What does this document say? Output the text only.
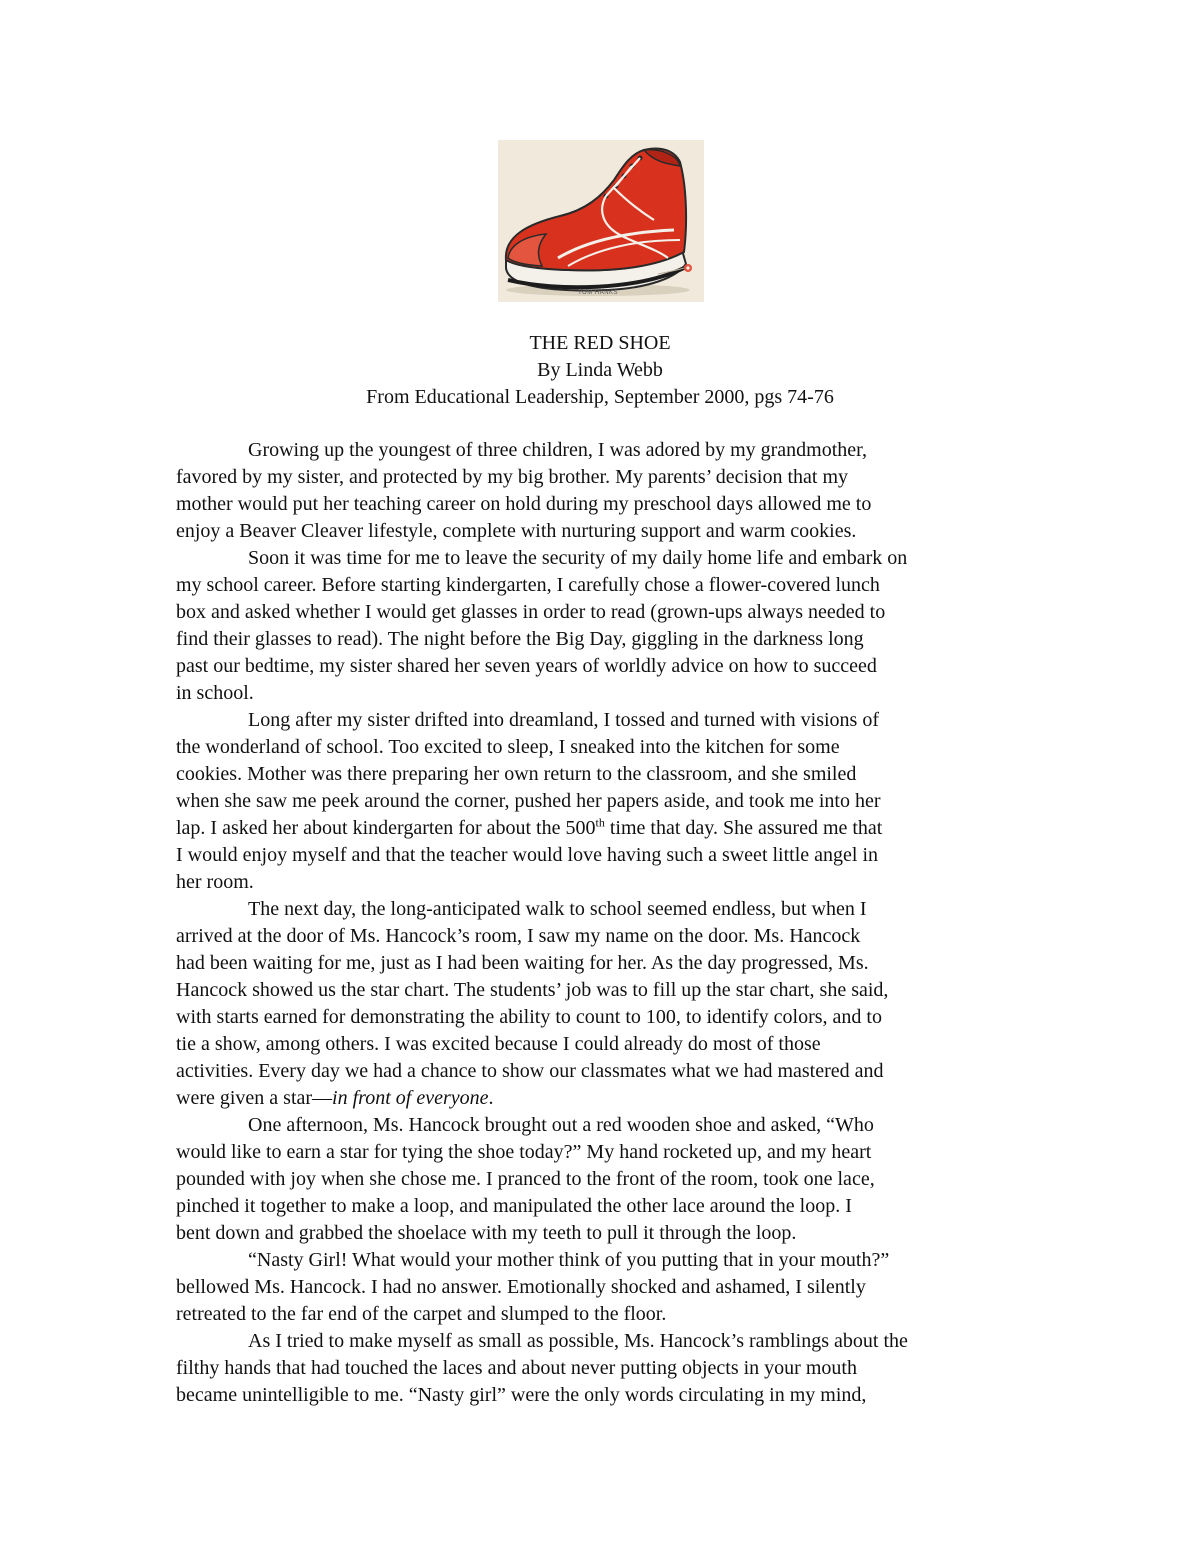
TOM HANKS
THE RED SHOE
By Linda Webb
From Educational Leadership, September 2000, pgs 74-76
Growing up the youngest of three children, I was adored by my grandmother,
favored by my sister, and protected by my big brother. My parents’ decision that my
mother would put her teaching career on hold during my preschool days allowed me to
enjoy a Beaver Cleaver lifestyle, complete with nurturing support and warm cookies.
Soon it was time for me to leave the security of my daily home life and embark on
my school career. Before starting kindergarten, I carefully chose a flower-covered lunch
box and asked whether I would get glasses in order to read (grown-ups always needed to
find their glasses to read). The night before the Big Day, giggling in the darkness long
past our bedtime, my sister shared her seven years of worldly advice on how to succeed
in school.
Long after my sister drifted into dreamland, I tossed and turned with visions of
the wonderland of school. Too excited to sleep, I sneaked into the kitchen for some
cookies. Mother was there preparing her own return to the classroom, and she smiled
when she saw me peek around the corner, pushed her papers aside, and took me into her
lap. I asked her about kindergarten for about the 500th time that day. She assured me that
I would enjoy myself and that the teacher would love having such a sweet little angel in
her room.
The next day, the long-anticipated walk to school seemed endless, but when I
arrived at the door of Ms. Hancock’s room, I saw my name on the door. Ms. Hancock
had been waiting for me, just as I had been waiting for her. As the day progressed, Ms.
Hancock showed us the star chart. The students’ job was to fill up the star chart, she said,
with starts earned for demonstrating the ability to count to 100, to identify colors, and to
tie a show, among others. I was excited because I could already do most of those
activities. Every day we had a chance to show our classmates what we had mastered and
were given a star—in front of everyone.
One afternoon, Ms. Hancock brought out a red wooden shoe and asked, “Who
would like to earn a star for tying the shoe today?” My hand rocketed up, and my heart
pounded with joy when she chose me. I pranced to the front of the room, took one lace,
pinched it together to make a loop, and manipulated the other lace around the loop. I
bent down and grabbed the shoelace with my teeth to pull it through the loop.
“Nasty Girl! What would your mother think of you putting that in your mouth?”
bellowed Ms. Hancock. I had no answer. Emotionally shocked and ashamed, I silently
retreated to the far end of the carpet and slumped to the floor.
As I tried to make myself as small as possible, Ms. Hancock’s ramblings about the
filthy hands that had touched the laces and about never putting objects in your mouth
became unintelligible to me. “Nasty girl” were the only words circulating in my mind,
